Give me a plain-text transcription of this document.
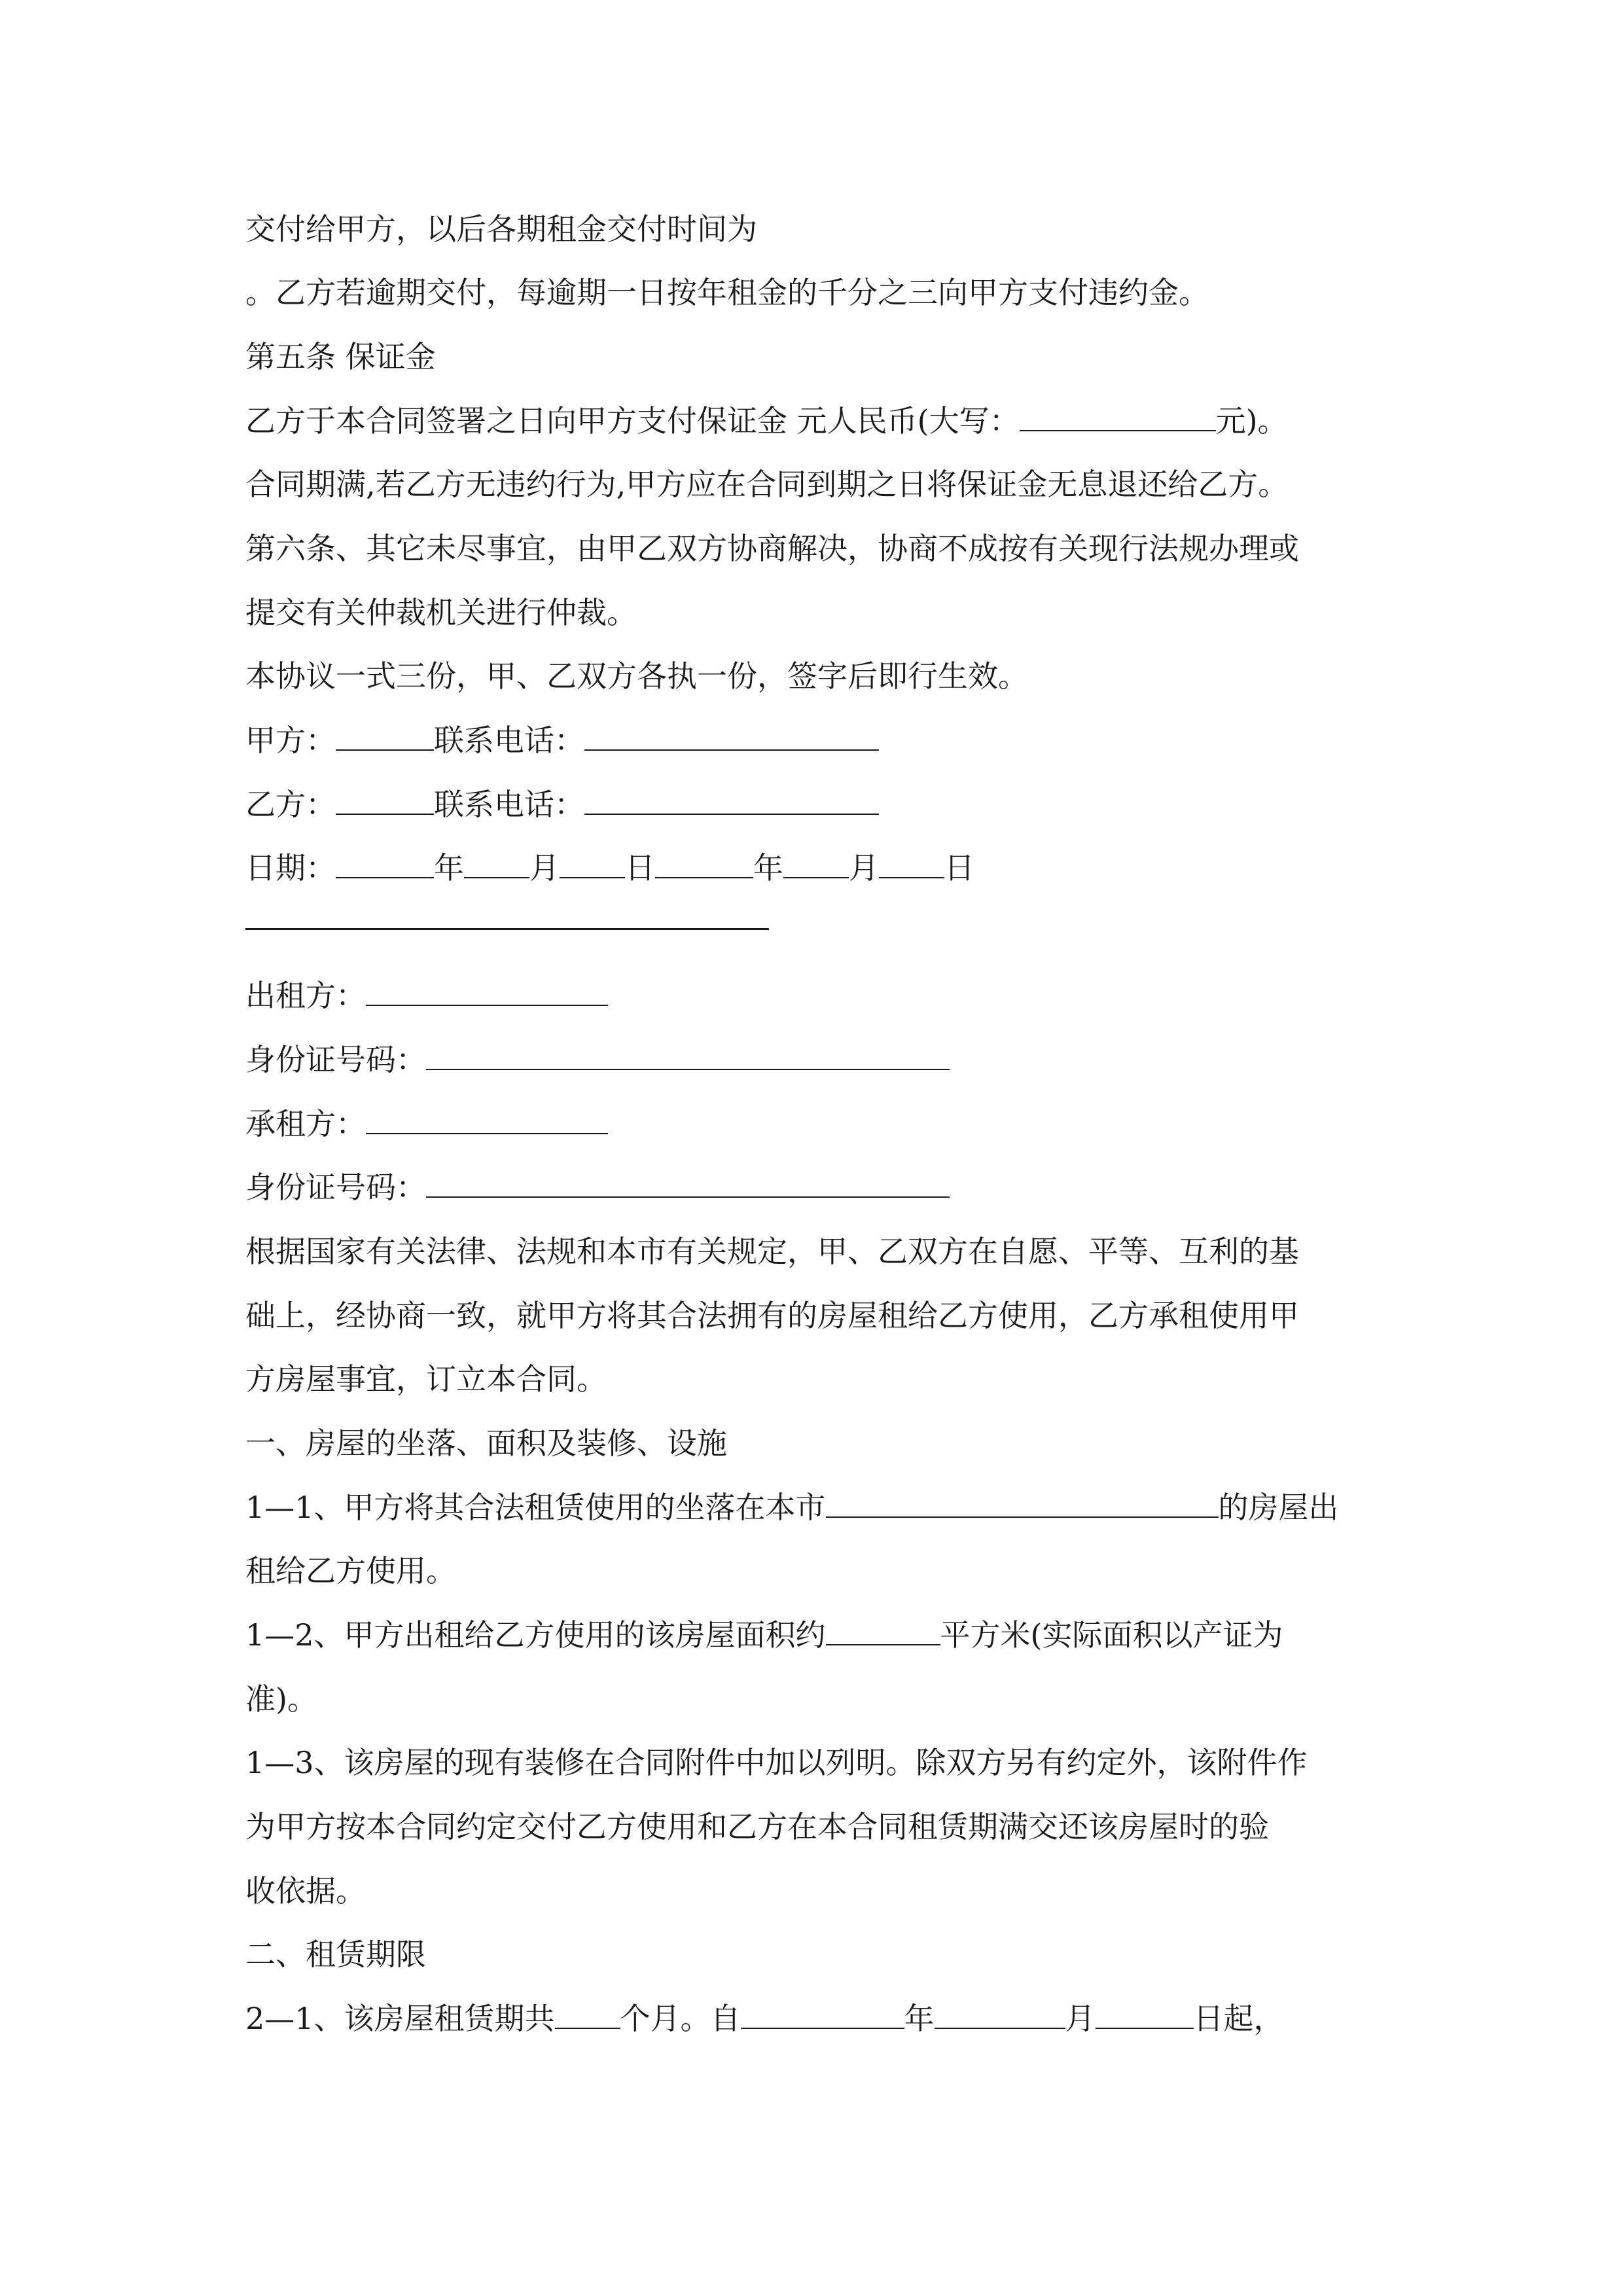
交付给甲方，以后各期租金交付时间为
。乙方若逾期交付，每逾期一日按年租金的千分之三向甲方支付违约金。
第五条 保证金
乙方于本合同签署之日向甲方支付保证金 元人民币(大写：	元)。
合同期满,若乙方无违约行为,甲方应在合同到期之日将保证金无息退还给乙方。
第六条、其它未尽事宜，由甲乙双方协商解决，协商不成按有关现行法规办理或
提交有关仲裁机关进行仲裁。
本协议一式三份，甲、乙双方各执一份，签字后即行生效。
甲方：	联系电话：
乙方：	联系电话：
日期：	年 月 日	年 月 日
出租方：
身份证号码：
承租方：
身份证号码：
根据国家有关法律、法规和本市有关规定，甲、乙双方在自愿、平等、互利的基
础上，经协商一致，就甲方将其合法拥有的房屋租给乙方使用，乙方承租使用甲
方房屋事宜，订立本合同。
一、房屋的坐落、面积及装修、设施
1—1、甲方将其合法租赁使用的坐落在本市	的房屋出
租给乙方使用。
1—2、甲方出租给乙方使用的该房屋面积约	平方米(实际面积以产证为
准)。
1—3、该房屋的现有装修在合同附件中加以列明。除双方另有约定外，该附件作
为甲方按本合同约定交付乙方使用和乙方在本合同租赁期满交还该房屋时的验
收依据。
二、租赁期限
2—1、该房屋租赁期共 个月。自	年	月	日起，
